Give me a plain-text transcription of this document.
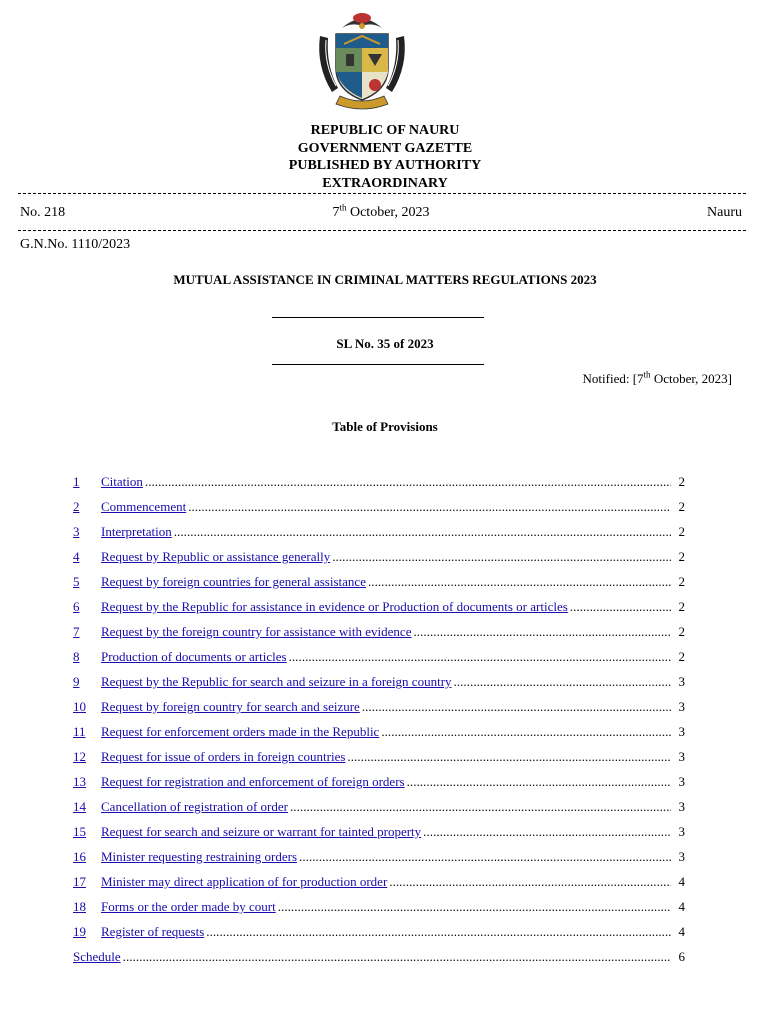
REPUBLIC OF NAURU
GOVERNMENT GAZETTE
PUBLISHED BY AUTHORITY
EXTRAORDINARY
No. 218	7th October, 2023	Nauru
G.N.No. 1110/2023
MUTUAL ASSISTANCE IN CRIMINAL MATTERS REGULATIONS 2023
SL No. 35 of 2023
Notified: [7th October, 2023]
Table of Provisions
1	Citation . . .	2
2	Commencement . . .	2
3	Interpretation . . .	2
4	Request by Republic or assistance generally . . .	2
5	Request by foreign countries for general assistance . . .	2
6	Request by the Republic for assistance in evidence or Production of documents or articles . . .	2
7	Request by the foreign country for assistance with evidence . . .	2
8	Production of documents or articles . . .	2
9	Request by the Republic for search and seizure in a foreign country . . .	3
10	Request by foreign country for search and seizure . . .	3
11	Request for enforcement orders made in the Republic . . .	3
12	Request for issue of orders in foreign countries . . .	3
13	Request for registration and enforcement of foreign orders . . .	3
14	Cancellation of registration of order . . .	3
15	Request for search and seizure or warrant for tainted property . . .	3
16	Minister requesting restraining orders . . .	3
17	Minister may direct application of for production order . . .	4
18	Forms or the order made by court . . .	4
19	Register of requests . . .	4
Schedule . . .	6
